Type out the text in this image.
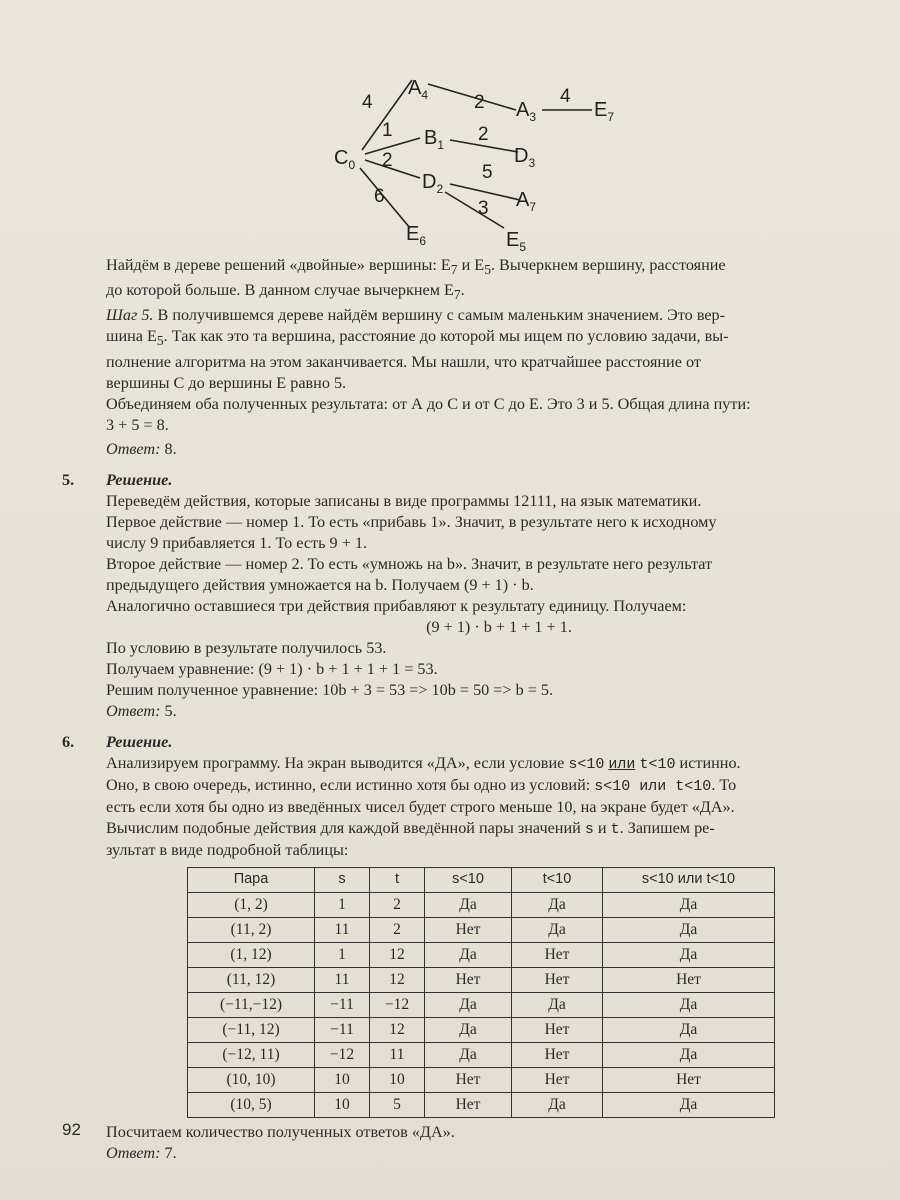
$C_0$
$A_4$
$A_3$	$E_7$
$B_1$	$D_3$
$D_2$	$A_7$
$E_6$	$E_5$
4
1
2
6
2	4
2
5
3

Найдём в дереве решений «двойные» вершины: $E_7$ и $E_5$. Вычеркнем вершину, расстояние

до которой больше. В данном случае вычеркнем $E_7$.

Шаг 5. В получившемся дереве найдём вершину с самым маленьким значением. Это вер-

шина $E_5$. Так как это та вершина, расстояние до которой мы ищем по условию задачи, вы-

полнение алгоритма на этом заканчивается. Мы нашли, что кратчайшее расстояние от

вершины С до вершины Е равно 5.

Объединяем оба полученных результата: от А до С и от С до Е. Это 3 и 5. Общая длина пути:

3 + 5 = 8.

Ответ: 8.

5. Решение.

Переведём действия, которые записаны в виде программы 12111, на язык математики.

Первое действие — номер 1. То есть «прибавь 1». Значит, в результате него к исходному

числу 9 прибавляется 1. То есть 9 + 1.

Второе действие — номер 2. То есть «умножь на b». Значит, в результате него результат

предыдущего действия умножается на b. Получаем (9 + 1) · b.

Аналогично оставшиеся три действия прибавляют к результату единицу. Получаем:

(9 + 1) · b + 1 + 1 + 1.

По условию в результате получилось 53.

Получаем уравнение: (9 + 1) · b + 1 + 1 + 1 = 53.

Решим полученное уравнение: 10b + 3 = 53 => 10b = 50 => b = 5.

Ответ: 5.

6. Решение.

Анализируем программу. На экран выводится «ДА», если условие s<10 или t<10 истинно.

Оно, в свою очередь, истинно, если истинно хотя бы одно из условий: s<10 или t<10. То

есть если хотя бы одно из введённых чисел будет строго меньше 10, на экране будет «ДА».

Вычислим подобные действия для каждой введённой пары значений s и t. Запишем ре-

зультат в виде подробной таблицы:

Пара	s	t	s<10	t<10	s<10 или t<10
(1, 2)	1	2	Да	Да	Да
(11, 2)	11	2	Нет	Да	Да
(1, 12)	1	12	Да	Нет	Да
(11, 12)	11	12	Нет	Нет	Нет
(−11,−12)	−11	−12	Да	Да	Да
(−11, 12)	−11	12	Да	Нет	Да
(−12, 11)	−12	11	Да	Нет	Да
(10, 10)	10	10	Нет	Нет	Нет
(10, 5)	10	5	Нет	Да	Да

Посчитаем количество полученных ответов «ДА».

Ответ: 7.

92
